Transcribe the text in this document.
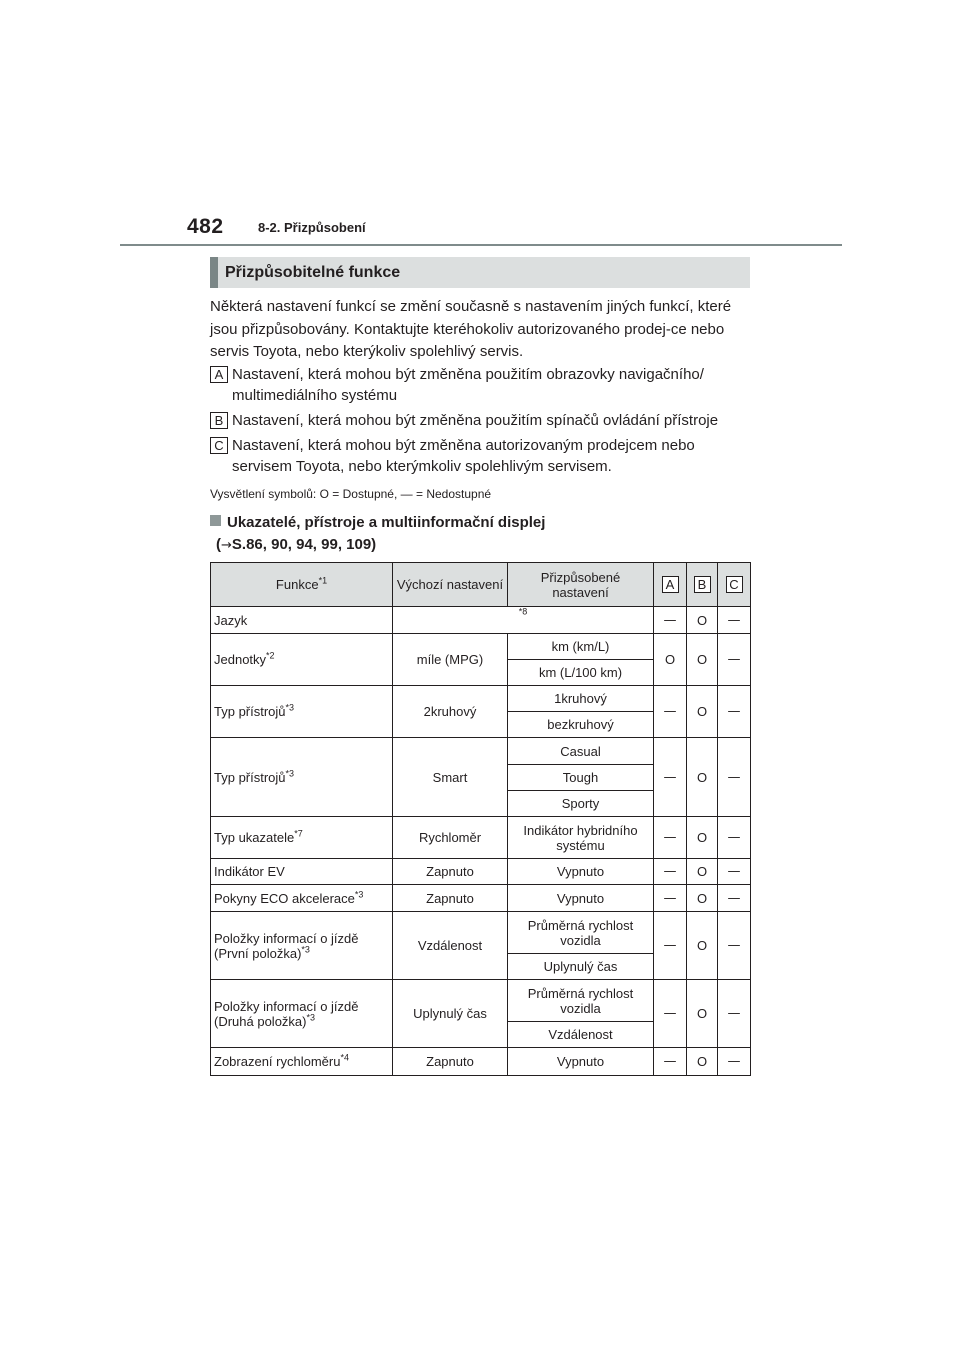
482	8-2. Přizpůsobení
Přizpůsobitelné funkce

Některá nastavení funkcí se změní současně s nastavením jiných funkcí, které jsou přizpůsobovány. Kontaktujte kteréhokoliv autorizovaného prodej-ce nebo servis Toyota, nebo kterýkoliv spolehlivý servis.

A Nastavení, která mohou být změněna použitím obrazovky navigačního/ multimediálního systému
B Nastavení, která mohou být změněna použitím spínačů ovládání přístroje
C Nastavení, která mohou být změněna autorizovaným prodejcem nebo servisem Toyota, nebo kterýmkoliv spolehlivým servisem.
Vysvětlení symbolů: O = Dostupné, — = Nedostupné
Ukazatelé, přístroje a multiinformační displej
(→S.86, 90, 94, 99, 109)
Funkce$^{*1}$	Výchozí nastavení	Přizpůsobené nastavení	A	B	C
Jazyk	$^{*8}$		—	O	—
Jednotky$^{*2}$	míle (MPG)	km (km/L)	O	O	—
		km (L/100 km)			
Typ přístrojů$^{*3}$	2kruhový	1kruhový	—	O	—
		bezkruhový			
Typ přístrojů$^{*3}$	Smart	Casual	—	O	—
		Tough			
		Sporty			
Typ ukazatele$^{*7}$	Rychloměr	Indikátor hybridního systému	—	O	—
Indikátor EV	Zapnuto	Vypnuto	—	O	—
Pokyny ECO akcelerace$^{*3}$	Zapnuto	Vypnuto	—	O	—
Položky informací o jízdě (První položka)$^{*3}$	Vzdálenost	Průměrná rychlost vozidla	—	O	—
		Uplynulý čas			
Položky informací o jízdě (Druhá položka)$^{*3}$	Uplynulý čas	Průměrná rychlost vozidla	—	O	—
		Vzdálenost			
Zobrazení rychloměru$^{*4}$	Zapnuto	Vypnuto	—	O	—
